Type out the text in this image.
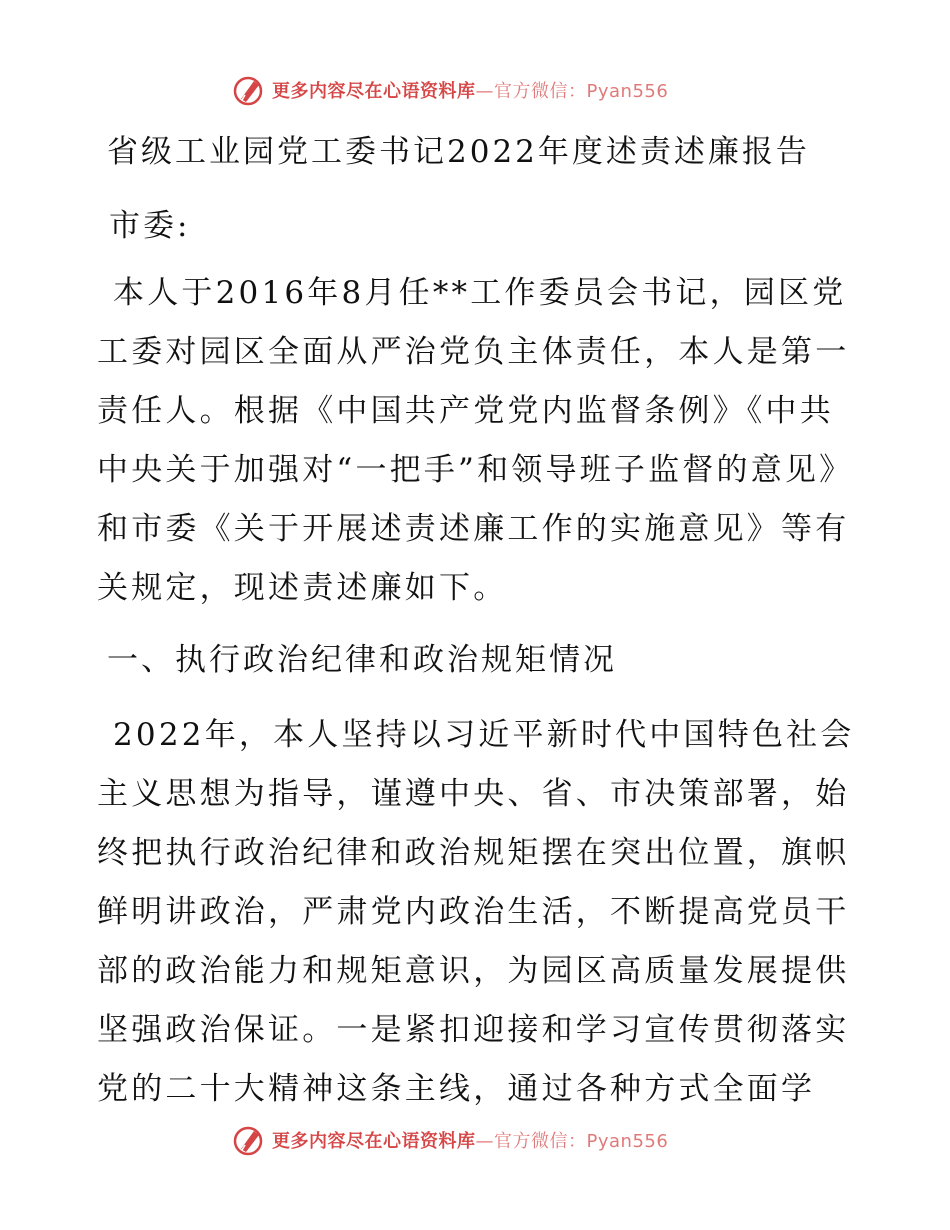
更多内容尽在心语资料库—官方微信：Pyan556
省级工业园党工委书记2022年度述责述廉报告
市委:
本人于2016年8月任**工作委员会书记，园区党工委对园区全面从严治党负主体责任，本人是第一责任人。根据《中国共产党党内监督条例》《中共中央关于加强对“一把手”和领导班子监督的意见》和市委《关于开展述责述廉工作的实施意见》等有关规定，现述责述廉如下。
一、执行政治纪律和政治规矩情况
2022年，本人坚持以习近平新时代中国特色社会主义思想为指导，谨遵中央、省、市决策部署，始终把执行政治纪律和政治规矩摆在突出位置，旗帜鲜明讲政治，严肃党内政治生活，不断提高党员干部的政治能力和规矩意识，为园区高质量发展提供坚强政治保证。一是紧扣迎接和学习宣传贯彻落实党的二十大精神这条主线，通过各种方式全面学
更多内容尽在心语资料库—官方微信：Pyan556
